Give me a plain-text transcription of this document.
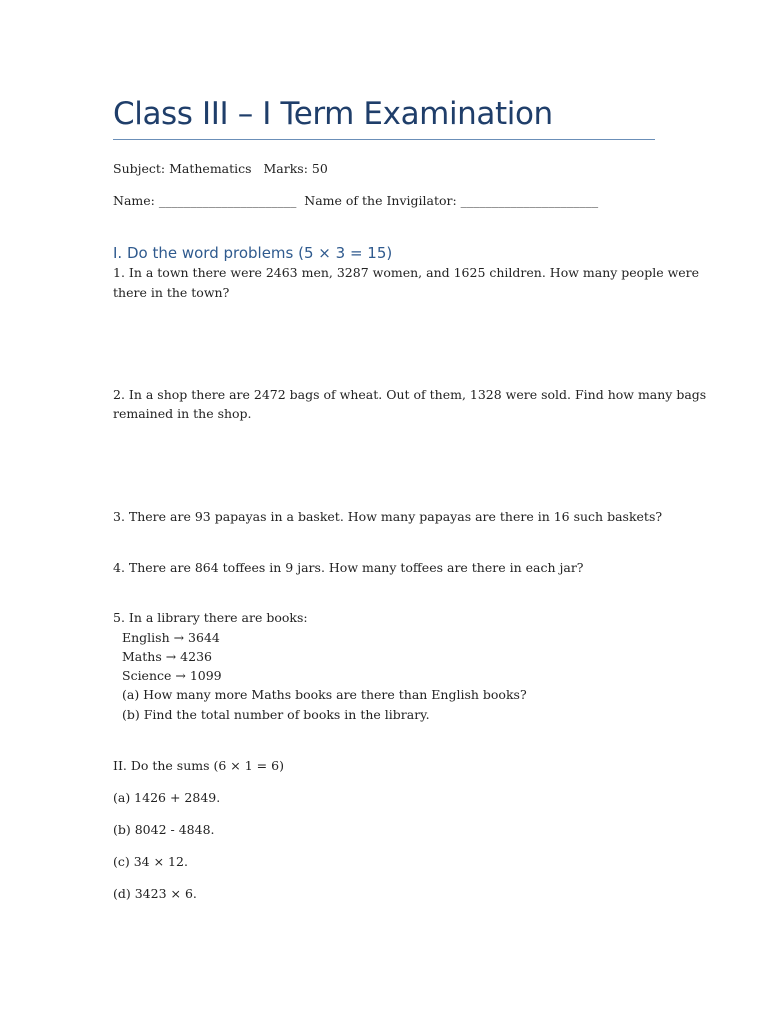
Class III – I Term Examination
Subject: Mathematics   Marks: 50
Name: ______________________  Name of the Invigilator: ______________________
I. Do the word problems (5 × 3 = 15)
1. In a town there were 2463 men, 3287 women, and 1625 children. How many people were
there in the town?
2. In a shop there are 2472 bags of wheat. Out of them, 1328 were sold. Find how many bags
remained in the shop.
3. There are 93 papayas in a basket. How many papayas are there in 16 such baskets?
4. There are 864 toffees in 9 jars. How many toffees are there in each jar?
5. In a library there are books:
English → 3644
Maths → 4236
Science → 1099
(a) How many more Maths books are there than English books?
(b) Find the total number of books in the library.
II. Do the sums (6 × 1 = 6)
(a) 1426 + 2849.
(b) 8042 - 4848.
(c) 34 × 12.
(d) 3423 × 6.
